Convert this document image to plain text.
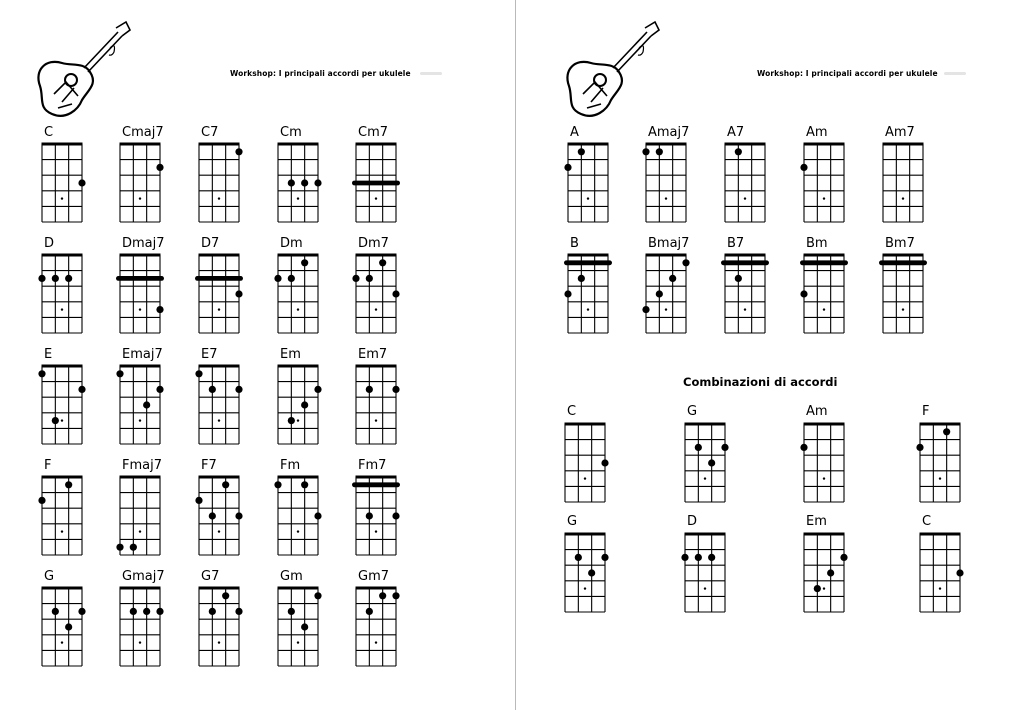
Workshop: I principali accordi per ukulele
C	Cmaj7	C7	Cm	Cm7
D	Dmaj7	D7	Dm	Dm7
E	Emaj7	E7	Em	Em7
F	Fmaj7	F7	Fm	Fm7
G	Gmaj7	G7	Gm	Gm7
Workshop: I principali accordi per ukulele
A	Amaj7	A7	Am	Am7
B	Bmaj7	B7	Bm	Bm7
Combinazioni di accordi
C	G	Am	F
G	D	Em	C
